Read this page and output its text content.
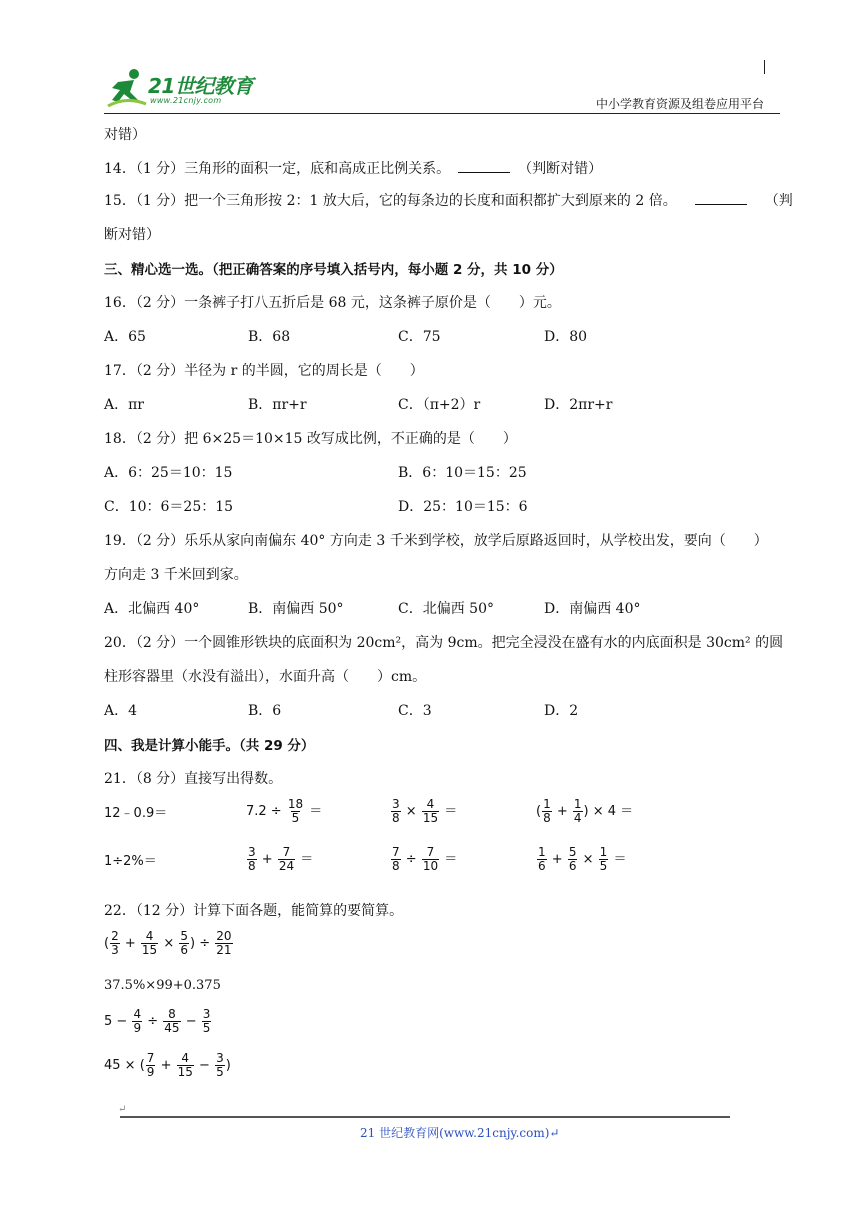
21世纪教育
www.21cnjy.com	中小学教育资源及组卷应用平台
对错）
14．（1 分）三角形的面积一定，底和高成正比例关系。	（判断对错）
15．（1 分）把一个三角形按 2：1 放大后，它的每条边的长度和面积都扩大到原来的 2 倍。	（判
断对错）
三、精心选一选。（把正确答案的序号填入括号内，每小题 2 分，共 10 分）
16．（2 分）一条裤子打八五折后是 68 元，这条裤子原价是（　　）元。
A．65	B．68	C．75	D．80
17．（2 分）半径为 r 的半圆，它的周长是（　　）
A．πr	B．πr+r	C．（π+2）r	D．2πr+r
18．（2 分）把 6×25＝10×15 改写成比例，不正确的是（　　）
A．6：25＝10：15	B．6：10＝15：25
C．10：6＝25：15	D．25：10＝15：6
19．（2 分）乐乐从家向南偏东 40° 方向走 3 千米到学校，放学后原路返回时，从学校出发，要向（　　）
方向走 3 千米回到家。
A．北偏西 40°	B．南偏西 50°	C．北偏西 50°	D．南偏西 40°
20．（2 分）一个圆锥形铁块的底面积为 20cm²，高为 9cm。把完全浸没在盛有水的内底面积是 30cm² 的圆
柱形容器里（水没有溢出），水面升高（　　）cm。
A．4	B．6	C．3	D．2
四、我是计算小能手。（共 29 分）
21．（8 分）直接写出得数。
12﹣0.9＝	$7.2 \div \frac{18}{5}$ ＝	$\frac{3}{8} \times \frac{4}{15}$ ＝	( $\frac{1}{8} + \frac{1}{4}$ ) × 4 ＝
1÷2%＝	$\frac{3}{8} + \frac{7}{24}$ ＝	$\frac{7}{8} \div \frac{7}{10}$ ＝	$\frac{1}{6} + \frac{5}{6} \times \frac{1}{5}$ ＝
22．（12 分）计算下面各题，能简算的要简算。
( $\frac{2}{3} + \frac{4}{15} \times \frac{5}{6}$ ) ÷ $\frac{20}{21}$
37.5%×99+0.375
$5 - \frac{4}{9} \div \frac{8}{45} - \frac{3}{5}$
45 × ( $\frac{7}{9} + \frac{4}{15} - \frac{3}{5}$ )
↵
21 世纪教育网(www.21cnjy.com)↵
